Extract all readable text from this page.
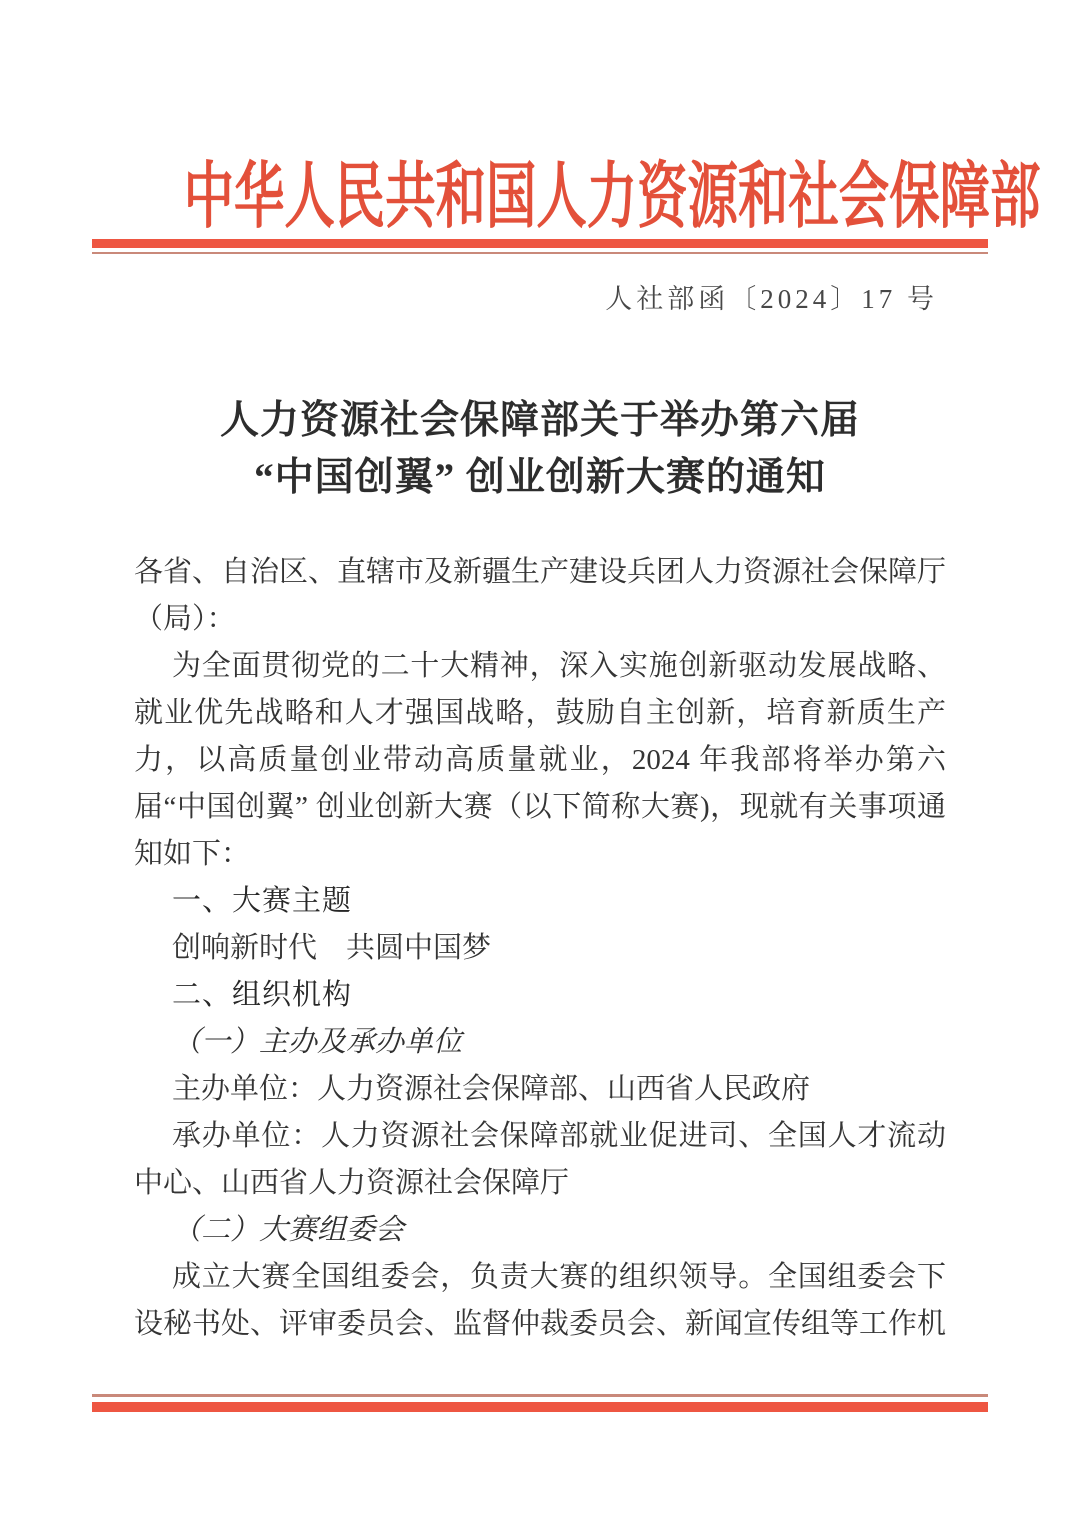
中华人民共和国人力资源和社会保障部
人社部函〔2024〕17 号
人力资源社会保障部关于举办第六届
“中国创翼” 创业创新大赛的通知

各省、自治区、直辖市及新疆生产建设兵团人力资源社会保障厅（局）：

为全面贯彻党的二十大精神，深入实施创新驱动发展战略、就业优先战略和人才强国战略，鼓励自主创新，培育新质生产力，以高质量创业带动高质量就业，2024 年我部将举办第六届“中国创翼” 创业创新大赛（以下简称大赛)，现就有关事项通知如下：

一、大赛主题

创响新时代　共圆中国梦

二、组织机构
（一）主办及承办单位

主办单位：人力资源社会保障部、山西省人民政府

承办单位：人力资源社会保障部就业促进司、全国人才流动中心、山西省人力资源社会保障厅

（二）大赛组委会

成立大赛全国组委会，负责大赛的组织领导。全国组委会下设秘书处、评审委员会、监督仲裁委员会、新闻宣传组等工作机
